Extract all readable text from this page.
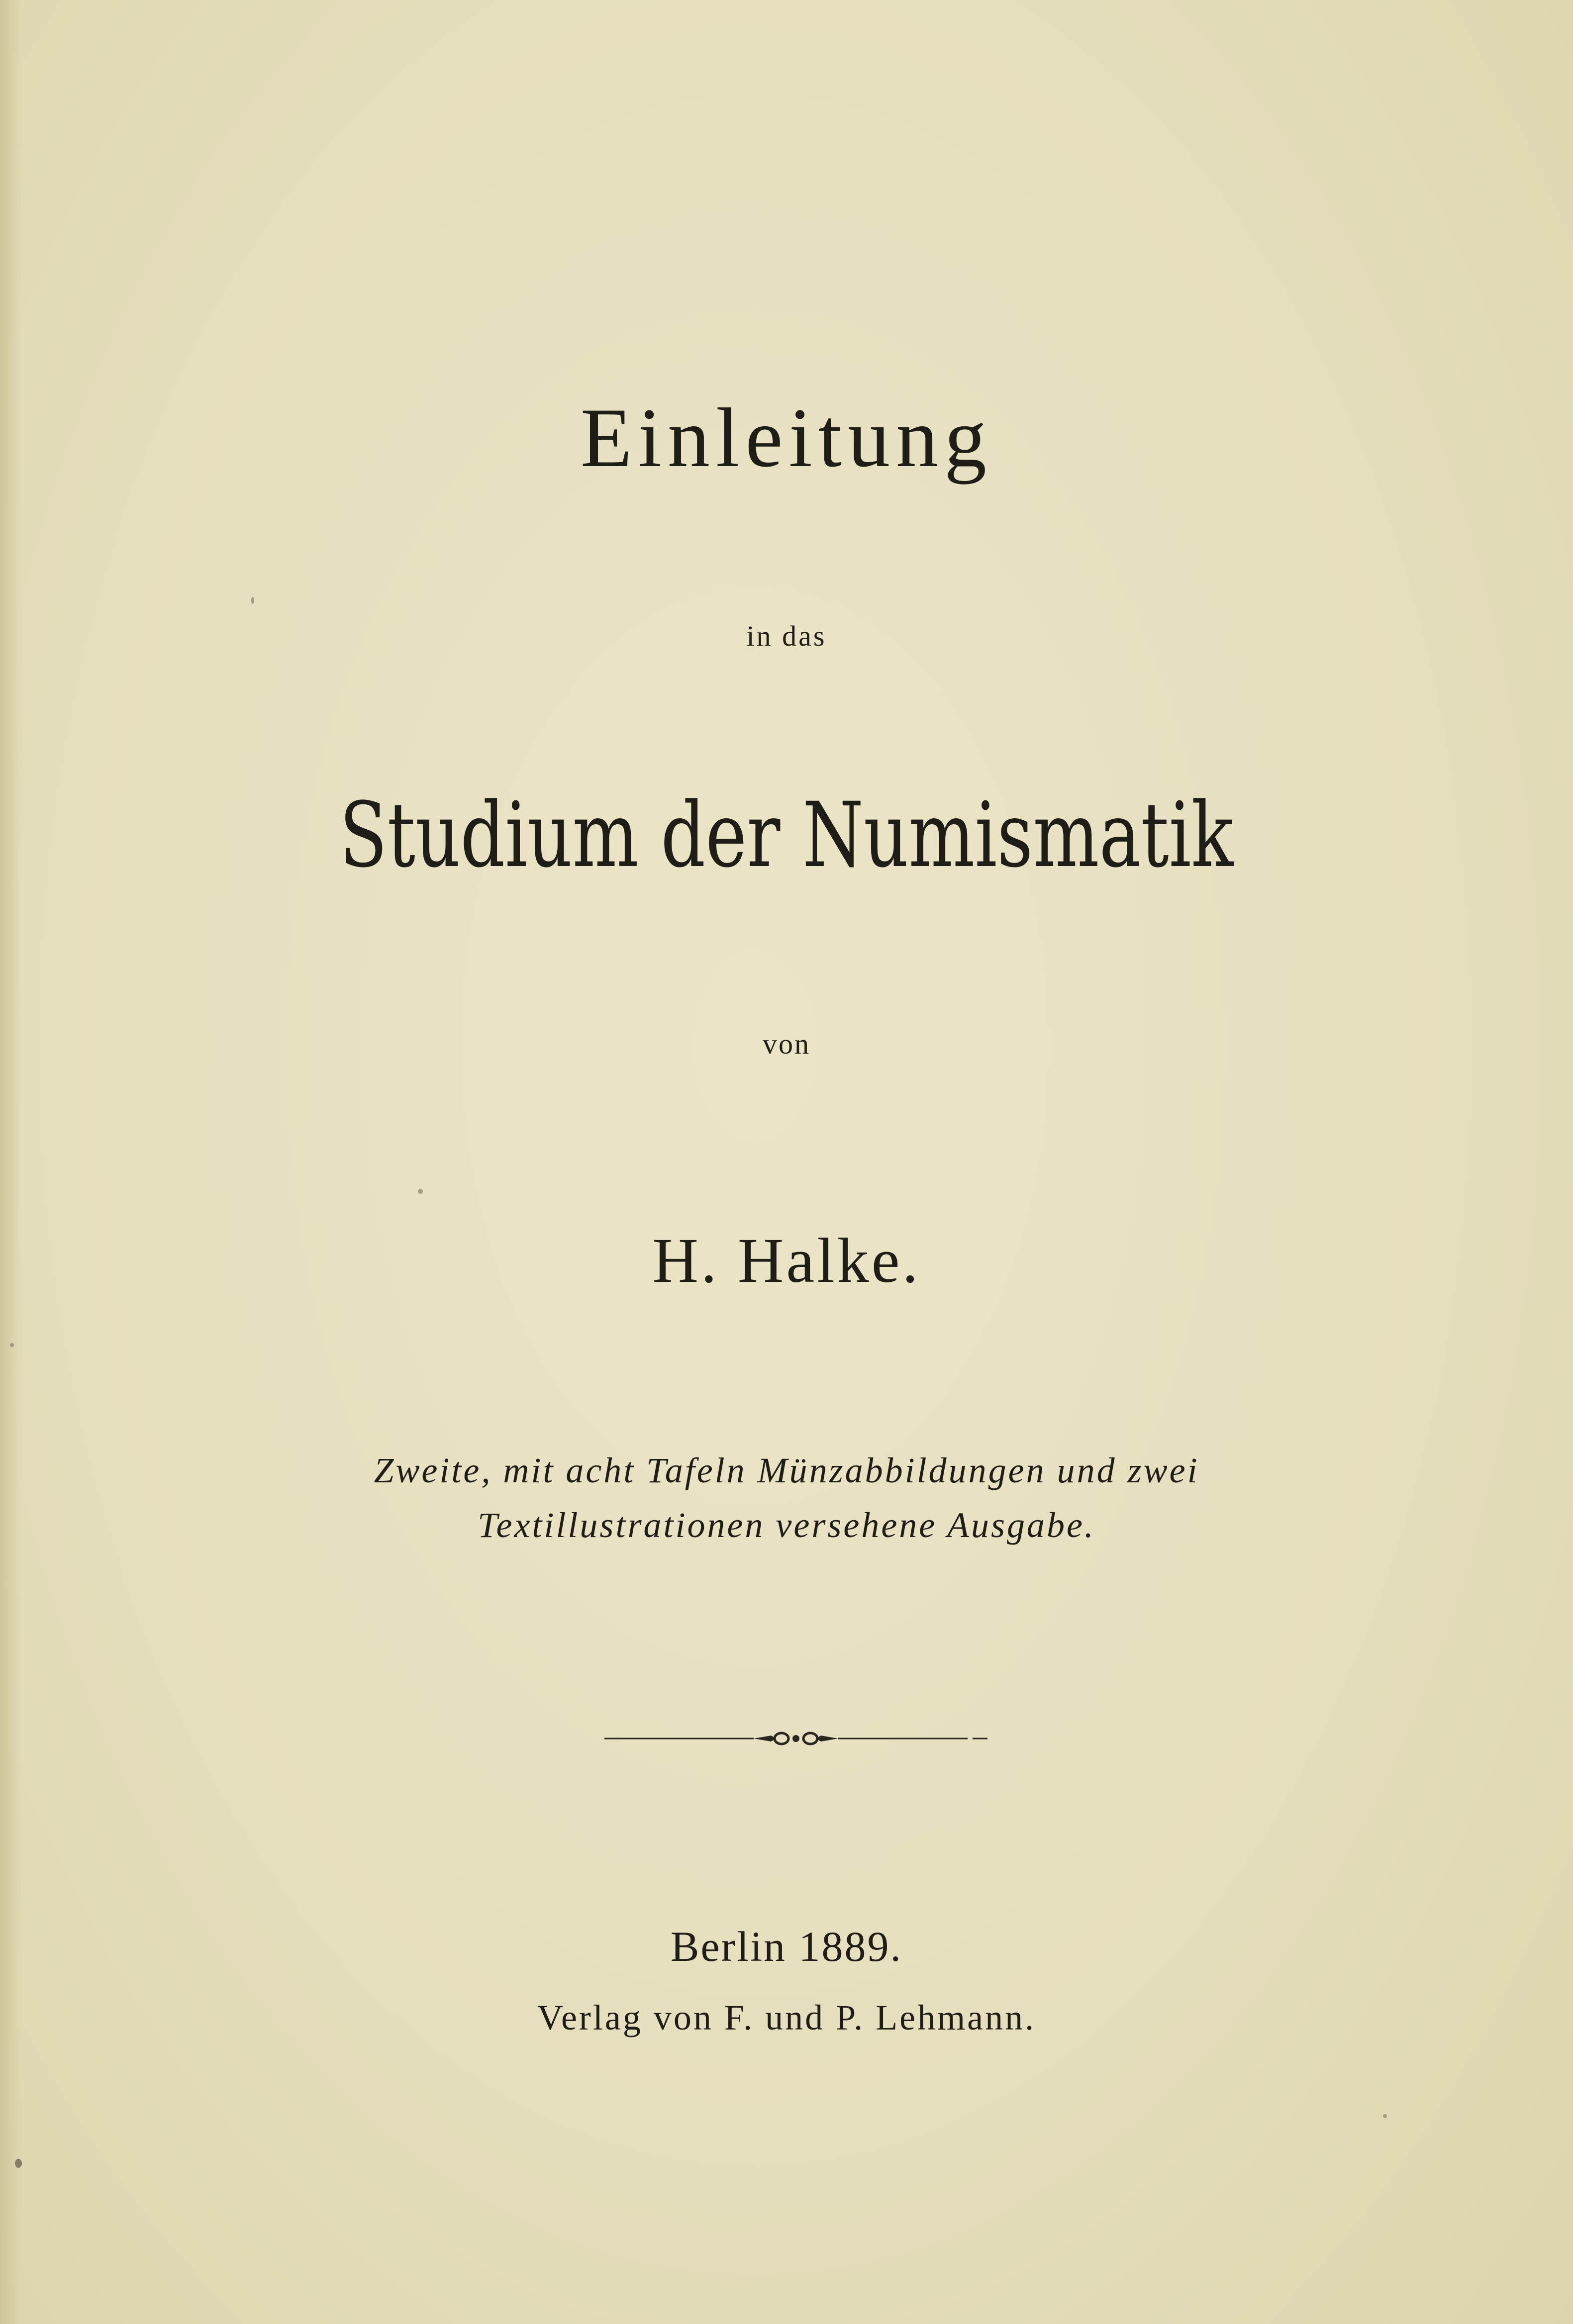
Einleitung
in das
Studium der Numismatik
von
H. Halke.
Zweite, mit acht Tafeln Münzabbildungen und zwei
Textillustrationen versehene Ausgabe.
Berlin 1889.
Verlag von F. und P. Lehmann.
